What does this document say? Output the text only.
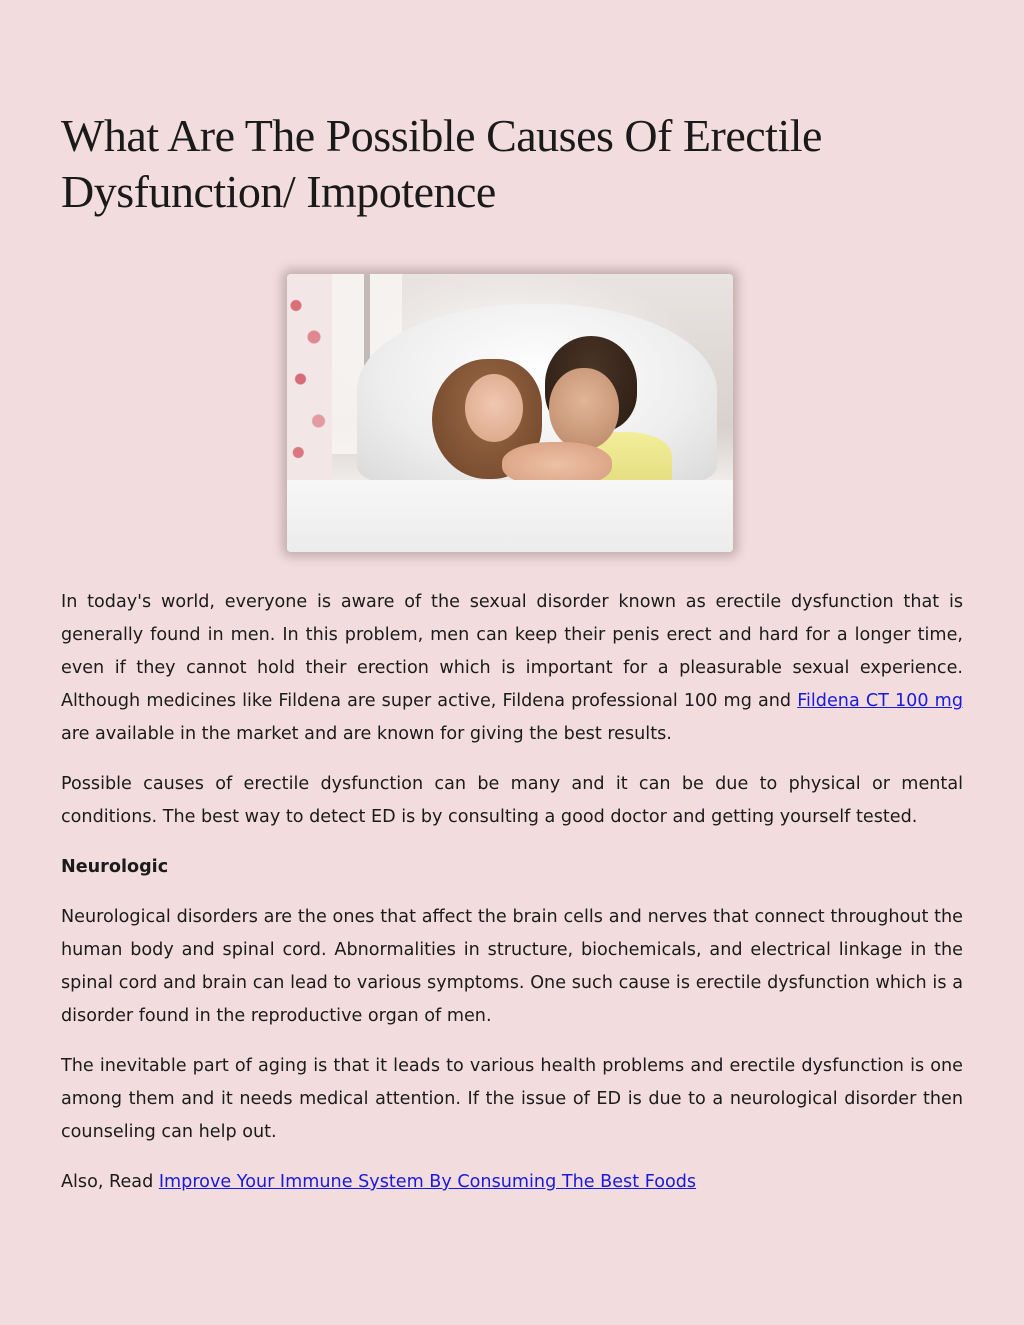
What Are The Possible Causes Of Erectile Dysfunction/ Impotence

In today's world, everyone is aware of the sexual disorder known as erectile dysfunction that is generally found in men. In this problem, men can keep their penis erect and hard for a longer time, even if they cannot hold their erection which is important for a pleasurable sexual experience. Although medicines like Fildena are super active, Fildena professional 100 mg and Fildena CT 100 mg are available in the market and are known for giving the best results.

Possible causes of erectile dysfunction can be many and it can be due to physical or mental conditions. The best way to detect ED is by consulting a good doctor and getting yourself tested.

Neurologic

Neurological disorders are the ones that affect the brain cells and nerves that connect throughout the human body and spinal cord. Abnormalities in structure, biochemicals, and electrical linkage in the spinal cord and brain can lead to various symptoms. One such cause is erectile dysfunction which is a disorder found in the reproductive organ of men.

The inevitable part of aging is that it leads to various health problems and erectile dysfunction is one among them and it needs medical attention. If the issue of ED is due to a neurological disorder then counseling can help out.

Also, Read Improve Your Immune System By Consuming The Best Foods
